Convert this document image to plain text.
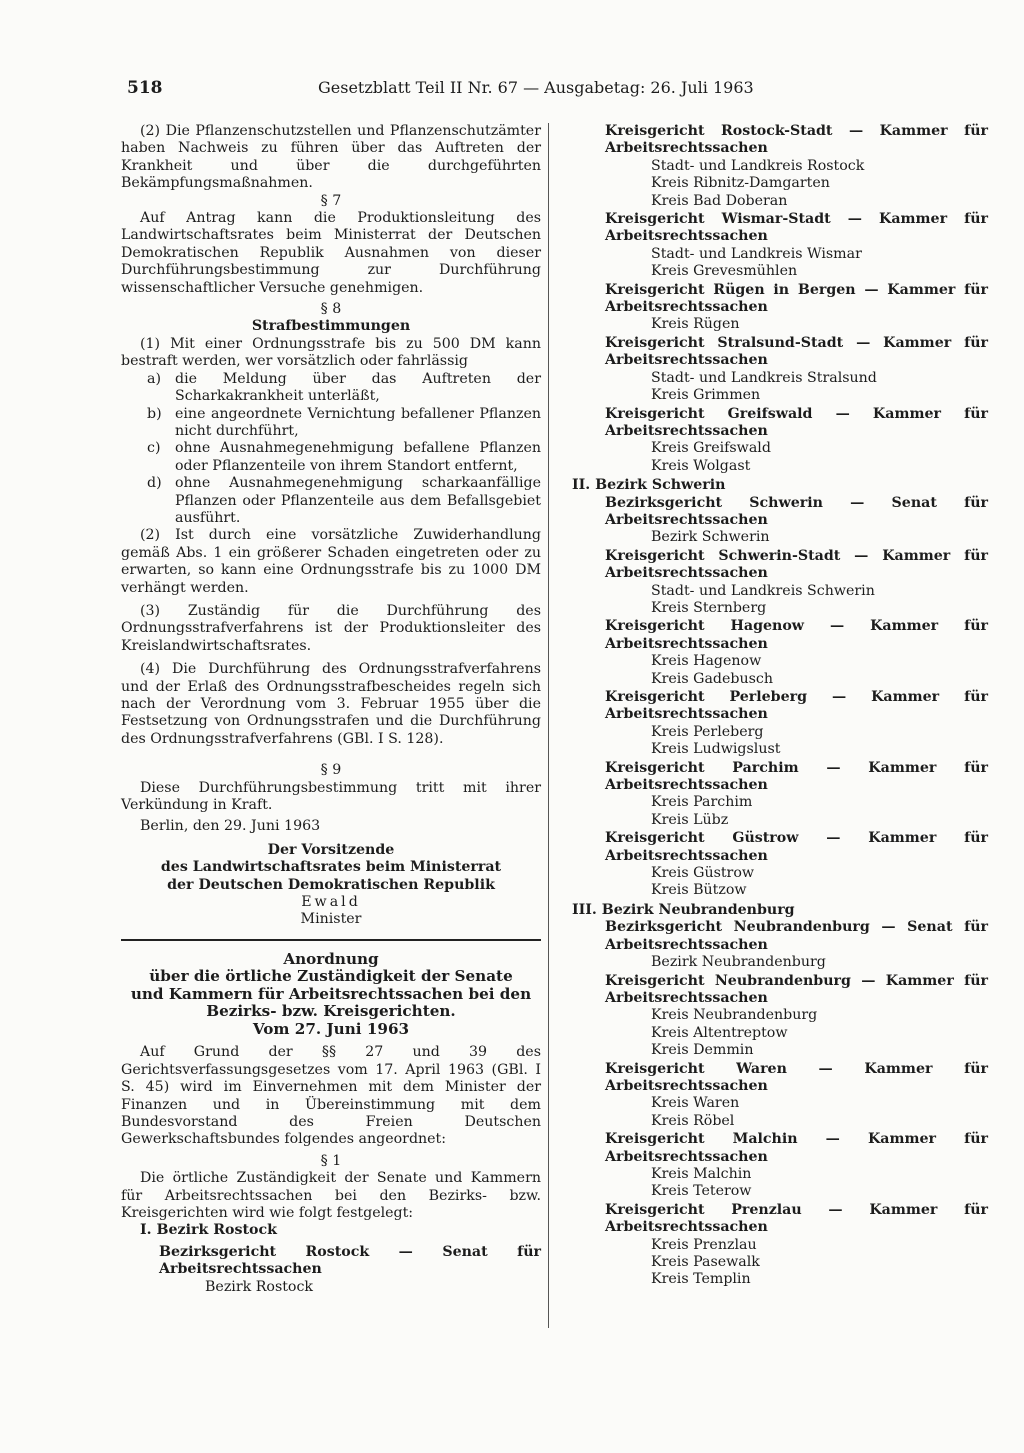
518	Gesetzblatt Teil II Nr. 67 — Ausgabetag: 26. Juli 1963

(2) Die Pflanzenschutzstellen und Pflanzenschutzämter haben Nachweis zu führen über das Auftreten der Krankheit und über die durchgeführten Bekämpfungsmaßnahmen.

§ 7

Auf Antrag kann die Produktionsleitung des Landwirtschaftsrates beim Ministerrat der Deutschen Demokratischen Republik Ausnahmen von dieser Durchführungsbestimmung zur Durchführung wissenschaftlicher Versuche genehmigen.

§ 8

Strafbestimmungen

(1) Mit einer Ordnungsstrafe bis zu 500 DM kann bestraft werden, wer vorsätzlich oder fahrlässig

a) die Meldung über das Auftreten der Scharkakrankheit unterläßt,
b) eine angeordnete Vernichtung befallener Pflanzen nicht durchführt,
c)	ohne Ausnahmegenehmigung befallene Pflanzen oder Pflanzenteile von ihrem Standort entfernt,
d) ohne Ausnahmegenehmigung scharkaanfällige Pflanzen oder Pflanzenteile aus dem Befallsgebiet ausführt.

(2) Ist durch eine vorsätzliche Zuwiderhandlung gemäß Abs. 1 ein größerer Schaden eingetreten oder zu erwarten, so kann eine Ordnungsstrafe bis zu 1000 DM verhängt werden.

(3) Zuständig für die Durchführung des Ordnungsstrafverfahrens ist der Produktionsleiter des Kreislandwirtschaftsrates.

(4) Die Durchführung des Ordnungsstrafverfahrens und der Erlaß des Ordnungsstrafbescheides regeln sich nach der Verordnung vom 3. Februar 1955 über die Festsetzung von Ordnungsstrafen und die Durchführung des Ordnungsstrafverfahrens (GBl. I S. 128).

§ 9

Diese Durchführungsbestimmung tritt mit ihrer Verkündung in Kraft.

Berlin, den 29. Juni 1963

Der Vorsitzende

des Landwirtschaftsrates beim Ministerrat

der Deutschen Demokratischen Republik

Ewald

Minister

Anordnung

über die örtliche Zuständigkeit der Senate

und Kammern für Arbeitsrechtssachen bei den

Bezirks- bzw. Kreisgerichten.

Vom 27. Juni 1963

Auf Grund der §§ 27 und 39 des Gerichtsverfassungsgesetzes vom 17. April 1963 (GBl. I S. 45) wird im Einvernehmen mit dem Minister der Finanzen und in Übereinstimmung mit dem Bundesvorstand des Freien Deutschen Gewerkschaftsbundes folgendes angeordnet:

§ 1

Die örtliche Zuständigkeit der Senate und Kammern für Arbeitsrechtssachen bei den Bezirks- bzw. Kreisgerichten wird wie folgt festgelegt:

I. Bezirk Rostock

Bezirksgericht Rostock — Senat für Arbeitsrechtssachen

Bezirk Rostock

Kreisgericht Rostock-Stadt — Kammer für Arbeitsrechtssachen

Stadt- und Landkreis Rostock

Kreis Ribnitz-Damgarten

Kreis Bad Doberan

Kreisgericht Wismar-Stadt — Kammer für Arbeitsrechtssachen

Stadt- und Landkreis Wismar

Kreis Grevesmühlen

Kreisgericht Rügen in Bergen — Kammer für Arbeitsrechtssachen

Kreis Rügen

Kreisgericht Stralsund-Stadt — Kammer für Arbeitsrechtssachen

Stadt- und Landkreis Stralsund

Kreis Grimmen

Kreisgericht Greifswald — Kammer für Arbeitsrechtssachen

Kreis Greifswald

Kreis Wolgast

II. Bezirk Schwerin

Bezirksgericht Schwerin — Senat für Arbeitsrechtssachen

Bezirk Schwerin

Kreisgericht Schwerin-Stadt — Kammer für Arbeitsrechtssachen

Stadt- und Landkreis Schwerin

Kreis Sternberg

Kreisgericht Hagenow — Kammer für Arbeitsrechtssachen

Kreis Hagenow

Kreis Gadebusch

Kreisgericht Perleberg — Kammer für Arbeitsrechtssachen

Kreis Perleberg

Kreis Ludwigslust

Kreisgericht Parchim — Kammer für Arbeitsrechtssachen

Kreis Parchim

Kreis Lübz

Kreisgericht Güstrow — Kammer für Arbeitsrechtssachen

Kreis Güstrow

Kreis Bützow

III. Bezirk Neubrandenburg

Bezirksgericht Neubrandenburg — Senat für Arbeitsrechtssachen

Bezirk Neubrandenburg

Kreisgericht Neubrandenburg — Kammer für Arbeitsrechtssachen

Kreis Neubrandenburg

Kreis Altentreptow

Kreis Demmin

Kreisgericht Waren — Kammer für Arbeitsrechtssachen

Kreis Waren

Kreis Röbel

Kreisgericht Malchin — Kammer für Arbeitsrechtssachen

Kreis Malchin

Kreis Teterow

Kreisgericht Prenzlau — Kammer für Arbeitsrechtssachen

Kreis Prenzlau

Kreis Pasewalk

Kreis Templin
